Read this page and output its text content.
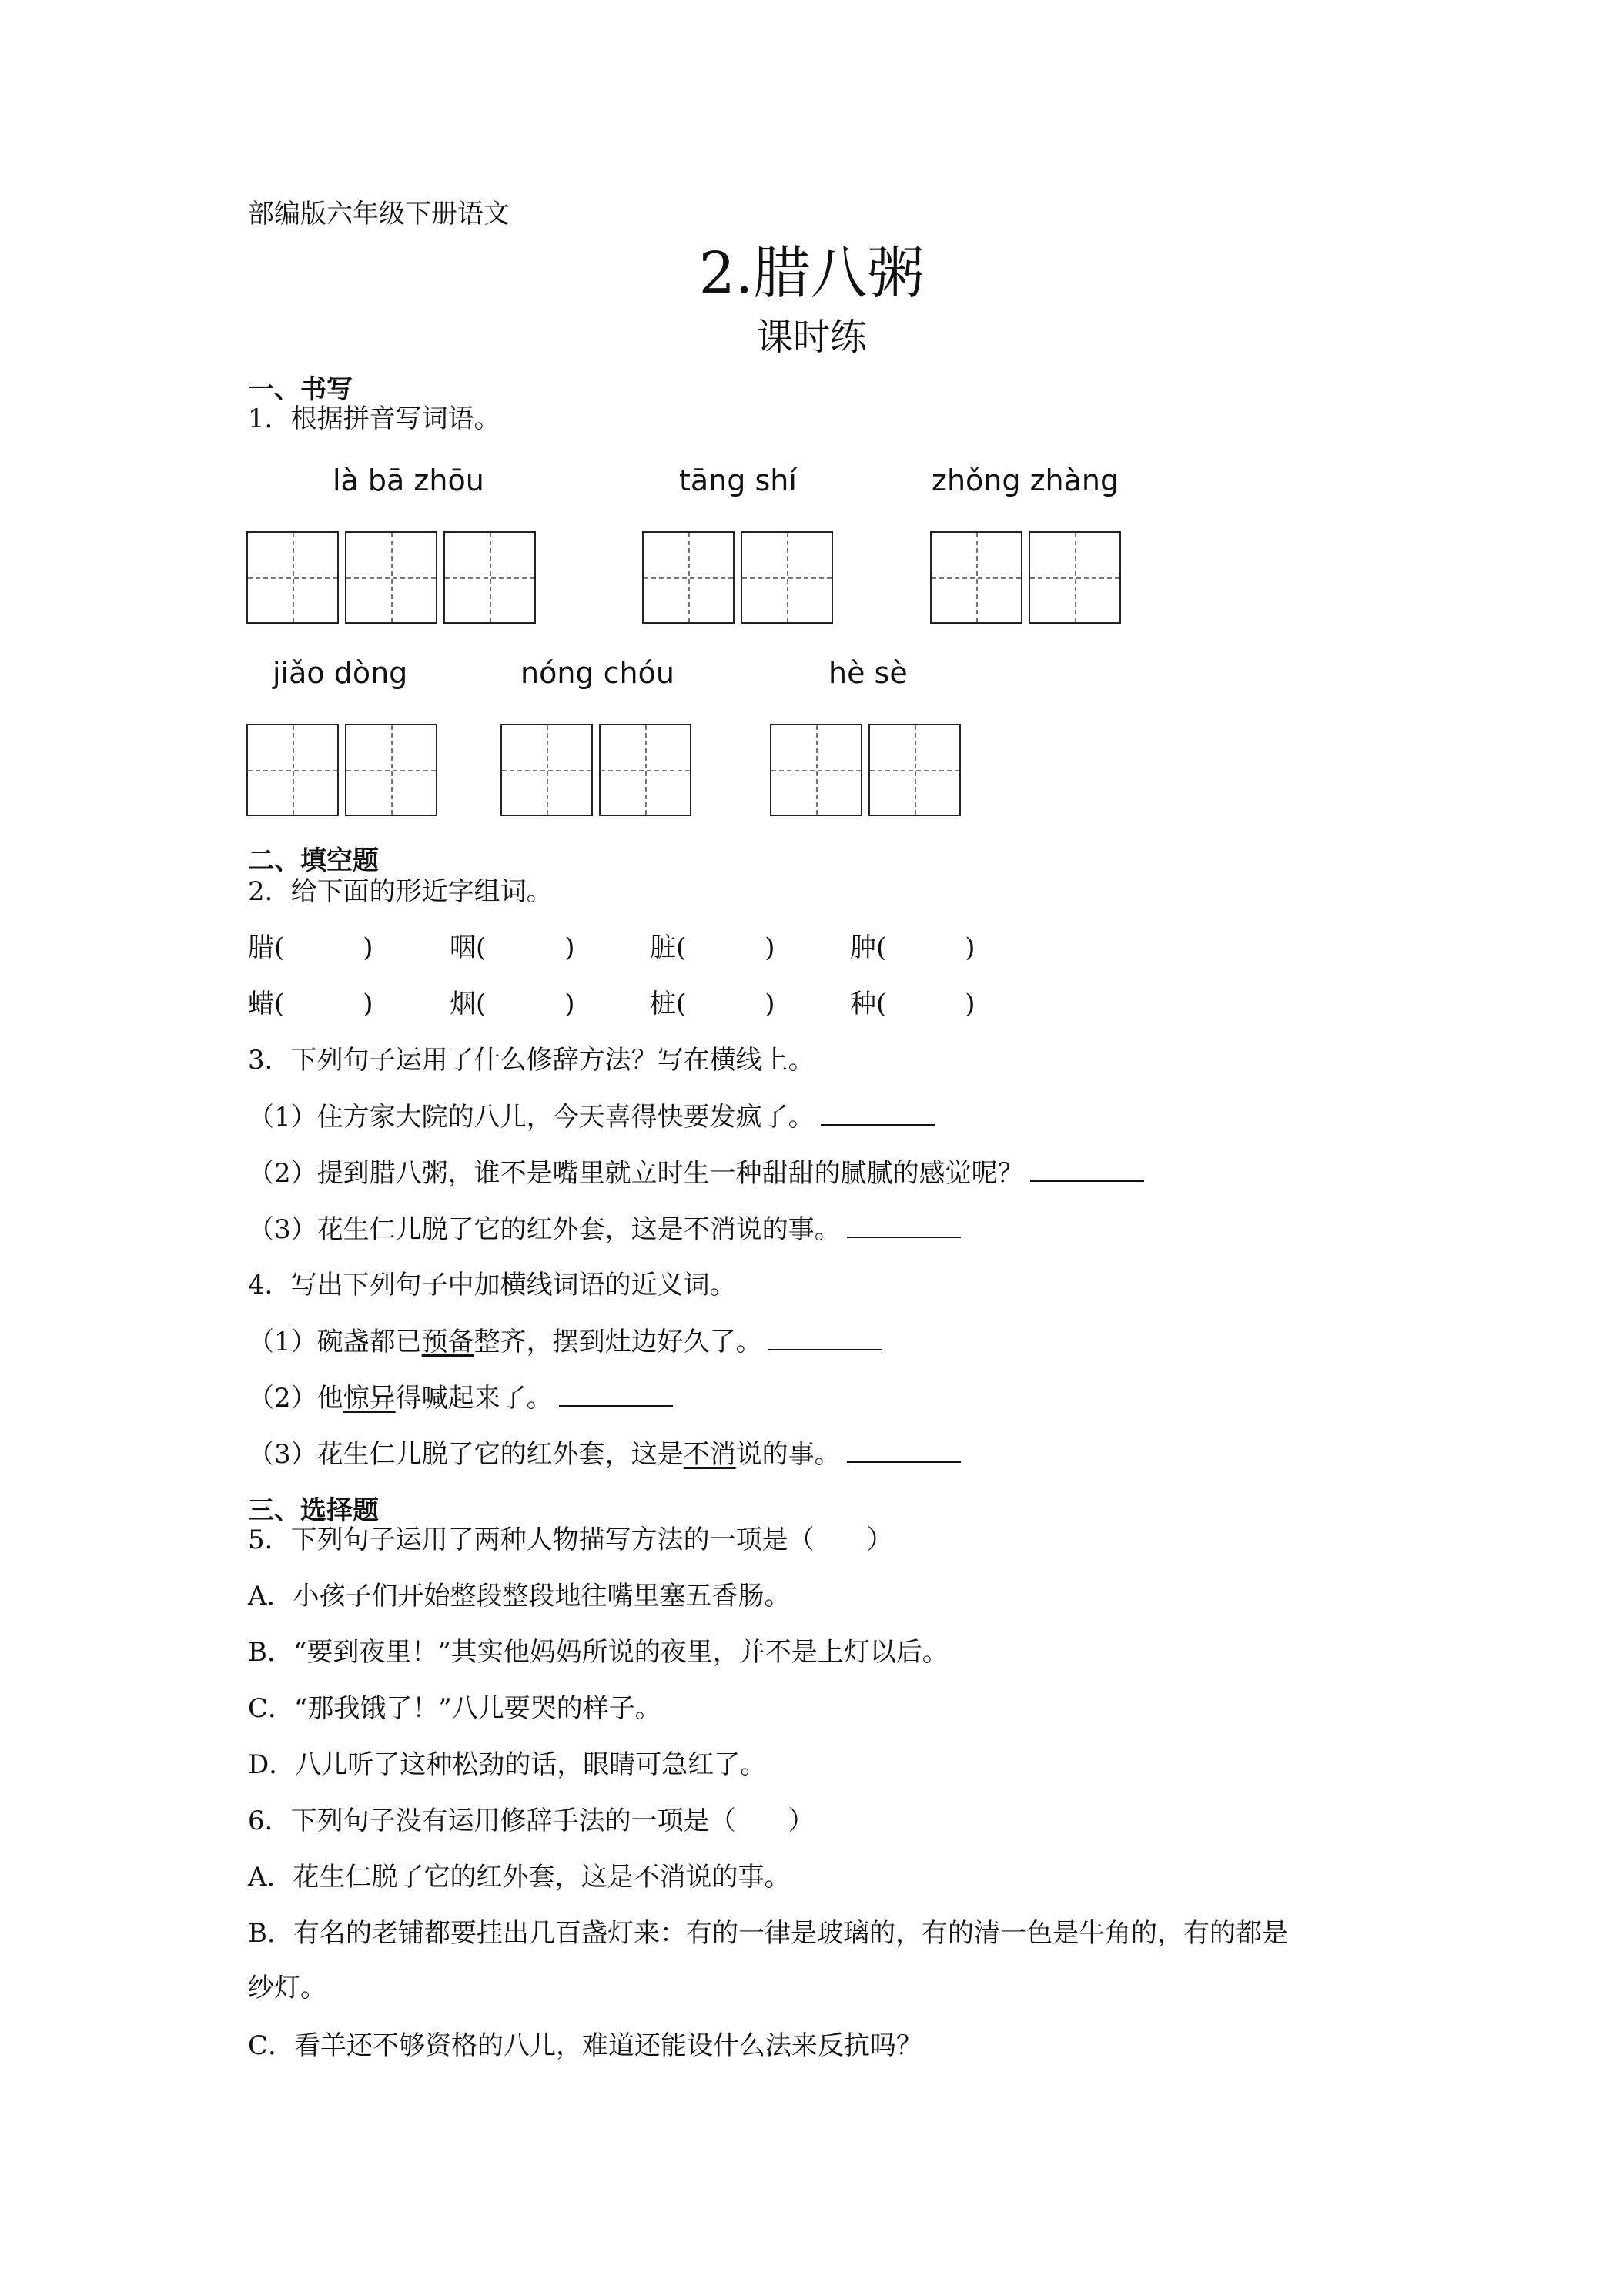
部编版六年级下册语文
2.腊八粥
课时练
一、书写
1．根据拼音写词语。
là bā zhōu	tāng shí	zhǒng zhàng
jiǎo dòng	nóng chóu	hè sè
二、填空题
2．给下面的形近字组词。
腊(　　　)	咽(　　　)	脏(　　　)	肿(　　　)
蜡(　　　)	烟(　　　)	桩(　　　)	种(　　　)
3．下列句子运用了什么修辞方法？写在横线上。
（1）住方家大院的八儿，今天喜得快要发疯了。
（2）提到腊八粥，谁不是嘴里就立时生一种甜甜的腻腻的感觉呢？
（3）花生仁儿脱了它的红外套，这是不消说的事。
4．写出下列句子中加横线词语的近义词。
（1）碗盏都已预备整齐，摆到灶边好久了。
（2）他惊异得喊起来了。
（3）花生仁儿脱了它的红外套，这是不消说的事。
三、选择题
5．下列句子运用了两种人物描写方法的一项是（　　）
A．小孩子们开始整段整段地往嘴里塞五香肠。
B．“要到夜里！”其实他妈妈所说的夜里，并不是上灯以后。
C．“那我饿了！”八儿要哭的样子。
D．八儿听了这种松劲的话，眼睛可急红了。
6．下列句子没有运用修辞手法的一项是（　　）
A．花生仁脱了它的红外套，这是不消说的事。
B．有名的老铺都要挂出几百盏灯来：有的一律是玻璃的，有的清一色是牛角的，有的都是
纱灯。
C．看羊还不够资格的八儿，难道还能设什么法来反抗吗？
